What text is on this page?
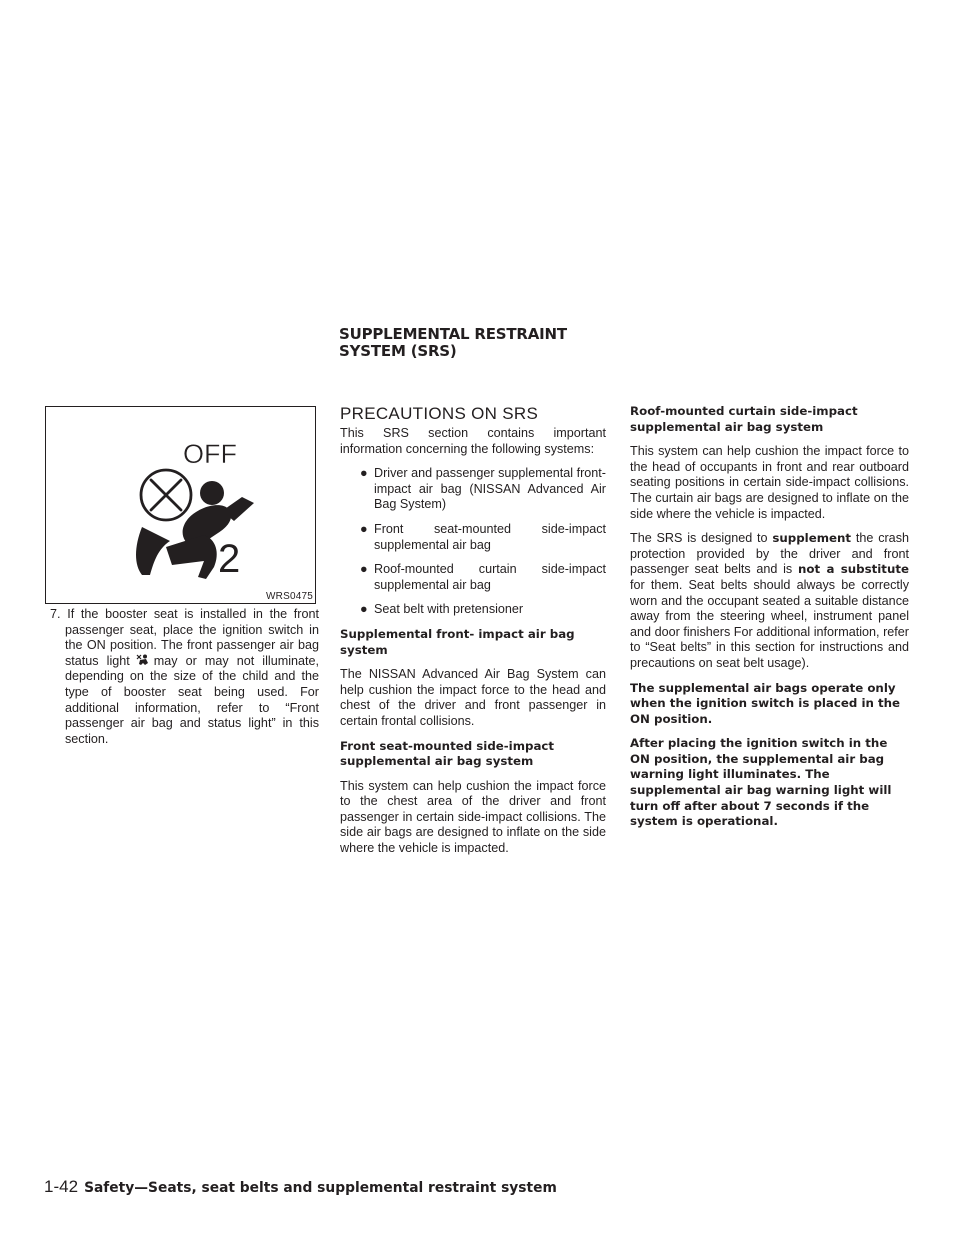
SUPPLEMENTAL RESTRAINT
SYSTEM (SRS)
OFF
2
WRS0475

7. If the booster seat is installed in the front passenger seat, place the ignition switch in the ON position. The front passenger air bag status light may or may not illuminate, depending on the size of the child and the type of booster seat being used. For additional information, refer to “Front passenger air bag and status light” in this section.

PRECAUTIONS ON SRS

This SRS section contains important information concerning the following systems:

● Driver and passenger supplemental front-impact air bag (NISSAN Advanced Air Bag System)
● Front seat-mounted side-impact supplemental air bag
● Roof-mounted curtain side-impact supplemental air bag
● Seat belt with pretensioner

Supplemental front- impact air bag system

The NISSAN Advanced Air Bag System can help cushion the impact force to the head and chest of the driver and front passenger in certain frontal collisions.

Front seat-mounted side-impact supplemental air bag system

This system can help cushion the impact force to the chest area of the driver and front passenger in certain side-impact collisions. The side air bags are designed to inflate on the side where the vehicle is impacted.

Roof-mounted curtain side-impact supplemental air bag system

This system can help cushion the impact force to the head of occupants in front and rear outboard seating positions in certain side-impact collisions. The curtain air bags are designed to inflate on the side where the vehicle is impacted.

The SRS is designed to supplement the crash protection provided by the driver and front passenger seat belts and is not a substitute for them. Seat belts should always be correctly worn and the occupant seated a suitable distance away from the steering wheel, instrument panel and door finishers For additional information, refer to “Seat belts” in this section for instructions and precautions on seat belt usage).

The supplemental air bags operate only when the ignition switch is placed in the ON position.

After placing the ignition switch in the ON position, the supplemental air bag warning light illuminates. The supplemental air bag warning light will turn off after about 7 seconds if the system is operational.

1-42 Safety—Seats, seat belts and supplemental restraint system
